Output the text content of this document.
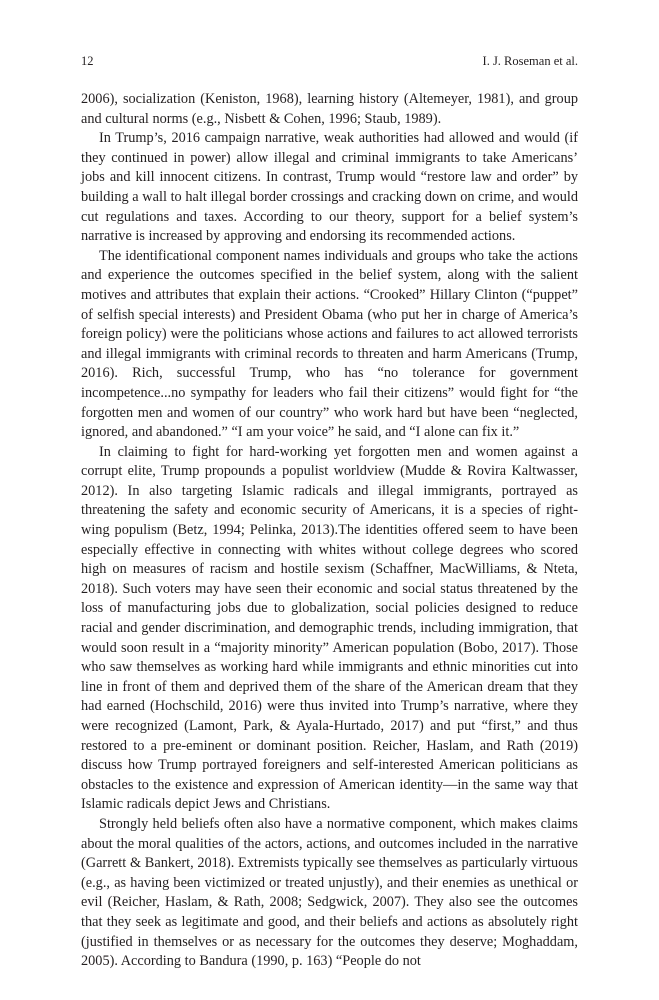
12	I. J. Roseman et al.

2006), socialization (Keniston, 1968), learning history (Altemeyer, 1981), and group and cultural norms (e.g., Nisbett & Cohen, 1996; Staub, 1989).

In Trump’s, 2016 campaign narrative, weak authorities had allowed and would (if they continued in power) allow illegal and criminal immigrants to take Americans’ jobs and kill innocent citizens. In contrast, Trump would “restore law and order” by building a wall to halt illegal border crossings and cracking down on crime, and would cut regulations and taxes. According to our theory, support for a belief system’s narrative is increased by approving and endorsing its recommended actions.

The identificational component names individuals and groups who take the actions and experience the outcomes specified in the belief system, along with the salient motives and attributes that explain their actions. “Crooked” Hillary Clinton (“puppet” of selfish special interests) and President Obama (who put her in charge of America’s foreign policy) were the politicians whose actions and failures to act allowed terrorists and illegal immigrants with criminal records to threaten and harm Americans (Trump, 2016). Rich, successful Trump, who has “no tolerance for government incompetence...no sympathy for leaders who fail their citizens” would fight for “the forgotten men and women of our country” who work hard but have been “neglected, ignored, and abandoned.” “I am your voice” he said, and “I alone can fix it.”

In claiming to fight for hard-working yet forgotten men and women against a corrupt elite, Trump propounds a populist worldview (Mudde & Rovira Kaltwasser, 2012). In also targeting Islamic radicals and illegal immigrants, portrayed as threatening the safety and economic security of Americans, it is a species of right-wing populism (Betz, 1994; Pelinka, 2013).The identities offered seem to have been especially effective in connecting with whites without college degrees who scored high on measures of racism and hostile sexism (Schaffner, MacWilliams, & Nteta, 2018). Such voters may have seen their economic and social status threatened by the loss of manufacturing jobs due to globalization, social policies designed to reduce racial and gender discrimination, and demographic trends, including immigration, that would soon result in a “majority minority” American population (Bobo, 2017). Those who saw themselves as working hard while immigrants and ethnic minorities cut into line in front of them and deprived them of the share of the American dream that they had earned (Hochschild, 2016) were thus invited into Trump’s narrative, where they were recognized (Lamont, Park, & Ayala-Hurtado, 2017) and put “first,” and thus restored to a pre-eminent or dominant position. Reicher, Haslam, and Rath (2019) discuss how Trump portrayed foreigners and self-interested American politicians as obstacles to the existence and expression of American identity—in the same way that Islamic radicals depict Jews and Christians.

Strongly held beliefs often also have a normative component, which makes claims about the moral qualities of the actors, actions, and outcomes included in the narrative (Garrett & Bankert, 2018). Extremists typically see themselves as particularly virtuous (e.g., as having been victimized or treated unjustly), and their enemies as unethical or evil (Reicher, Haslam, & Rath, 2008; Sedgwick, 2007). They also see the outcomes that they seek as legitimate and good, and their beliefs and actions as absolutely right (justified in themselves or as necessary for the outcomes they deserve; Moghaddam, 2005). According to Bandura (1990, p. 163) “People do not
